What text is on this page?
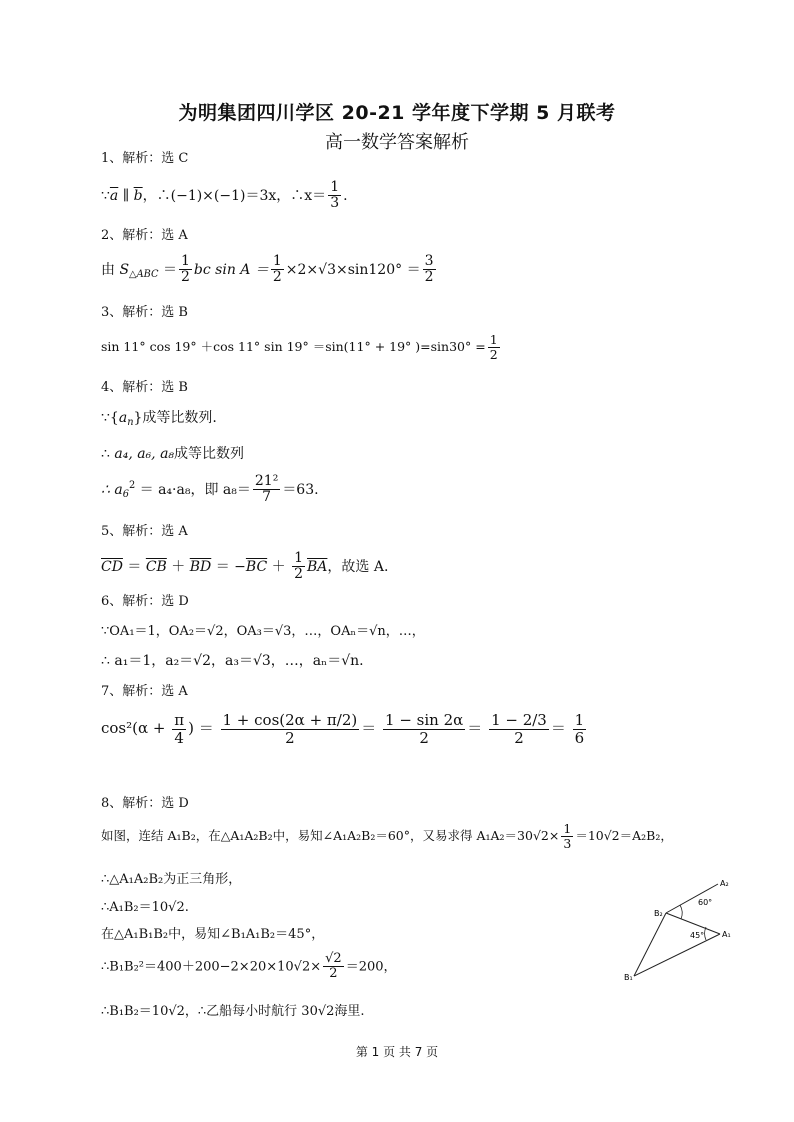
为明集团四川学区 20-21 学年度下学期 5 月联考
高一数学答案解析
1、解析：选 C
$\because\overline{a}$ ∥ $\overline{b}$，∴(−1)×(−1)＝3x，∴x＝ $\frac{1}{3}$ .
2、解析：选 A
由 $S_{\triangle ABC} = \frac{1}{2}$ bc $\sin A = \frac{1}{2} \times 2\times√3\times\sin 120^\circ = \frac{3}{2}$
3、解析：选 B
sin 11° cos 19° ＋cos 11° sin 19° ＝sin(11° + 19° )$=\sin 30^\circ = \frac{1}{2}$
4、解析：选 B
$\because\{a_n\}$成等比数列.
∴ a₄, a₆, a₈成等比数列
∴ $a_6^2 = a_4\cdot a_8$，即 $a_8= \frac{\text{21²}}{7} =63$.
5、解析：选 A
$\overline{CD} = \overline{CB} + \overline{BD} = -\overline{BC} + \frac{1}{2} \overline{BA}$，故选 A.
6、解析：选 D
∵OA₁＝1，OA₂＝√2，OA₃＝√3，…，OAₙ＝√n，…，
∴ a₁＝1，a₂＝√2，a₃＝√3，…，aₙ＝√n.
7、解析：选 A
$\cos^2(\alpha + \frac{\pi}{4}$ ) ＝ $\frac{1 + \cos(2\alpha + \pi/2)}{2} = \frac{1 - \sin 2\alpha}{2} = \frac{1 - 2/3}{2} = \frac{1}{6}$
8、解析：选 D
如图，连结 A₁B₂，在△A₁A₂B₂中，易知∠A₁A₂B₂＝60°，又易求得 $A_1A_2=30√2\times \frac{1}{3} =10√2=A_2B_2$，
∴△A₁A₂B₂为正三角形，
∴A₁B₂＝10√2.
在△A₁B₁B₂中，易知∠B₁A₁B₂＝45°，
∴B₁B₂²＝400＋200−2×20×10√2× $\frac{√2}{2} =200$，
∴B₁B₂＝10√2，∴乙船每小时航行 30√2海里.
A₂
B₂
A₁
B₁
60°
45°
第 1 页 共 7 页
